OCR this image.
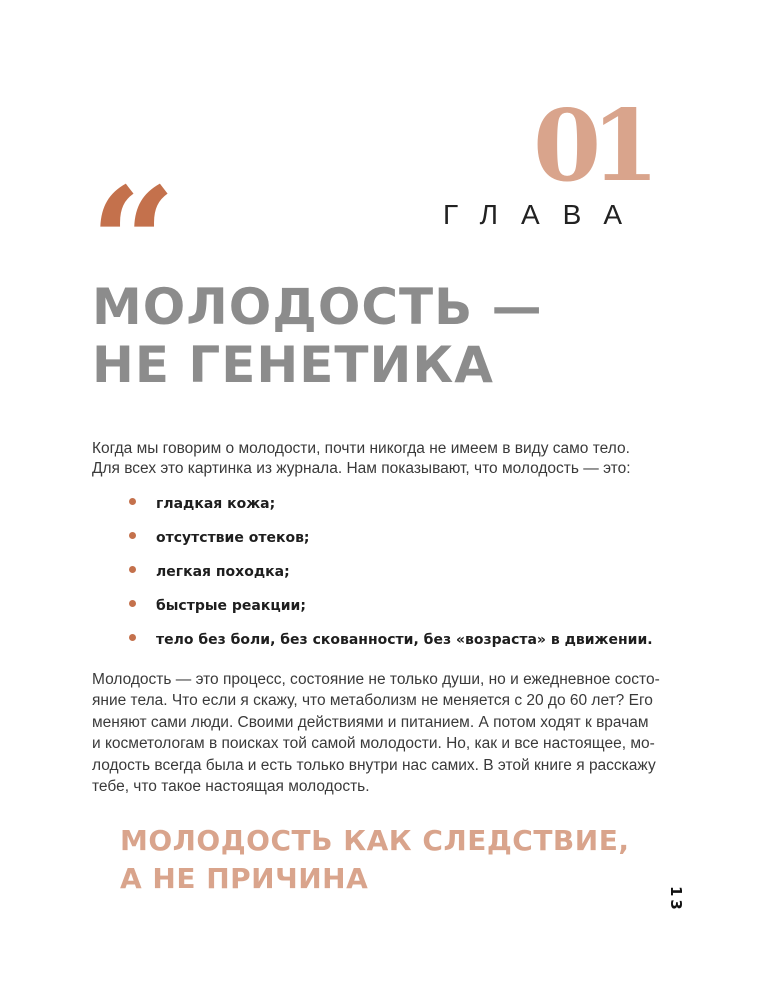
01
ГЛАВА
“
МОЛОДОСТЬ —
НЕ ГЕНЕТИКА

Когда мы говорим о молодости, почти никогда не имеем в виду само тело.
Для всех это картинка из журнала. Нам показывают, что молодость — это:

гладкая кожа;
отсутствие отеков;
легкая походка;
быстрые реакции;
тело без боли, без скованности, без «возраста» в движении.

Молодость — это процесс, состояние не только души, но и ежедневное состо-
яние тела. Что если я скажу, что метаболизм не меняется с 20 до 60 лет? Его
меняют сами люди. Своими действиями и питанием. А потом ходят к врачам
и косметологам в поисках той самой молодости. Но, как и все настоящее, мо-
лодость всегда была и есть только внутри нас самих. В этой книге я расскажу
тебе, что такое настоящая молодость.

МОЛОДОСТЬ КАК СЛЕДСТВИЕ,
А НЕ ПРИЧИНА
13
